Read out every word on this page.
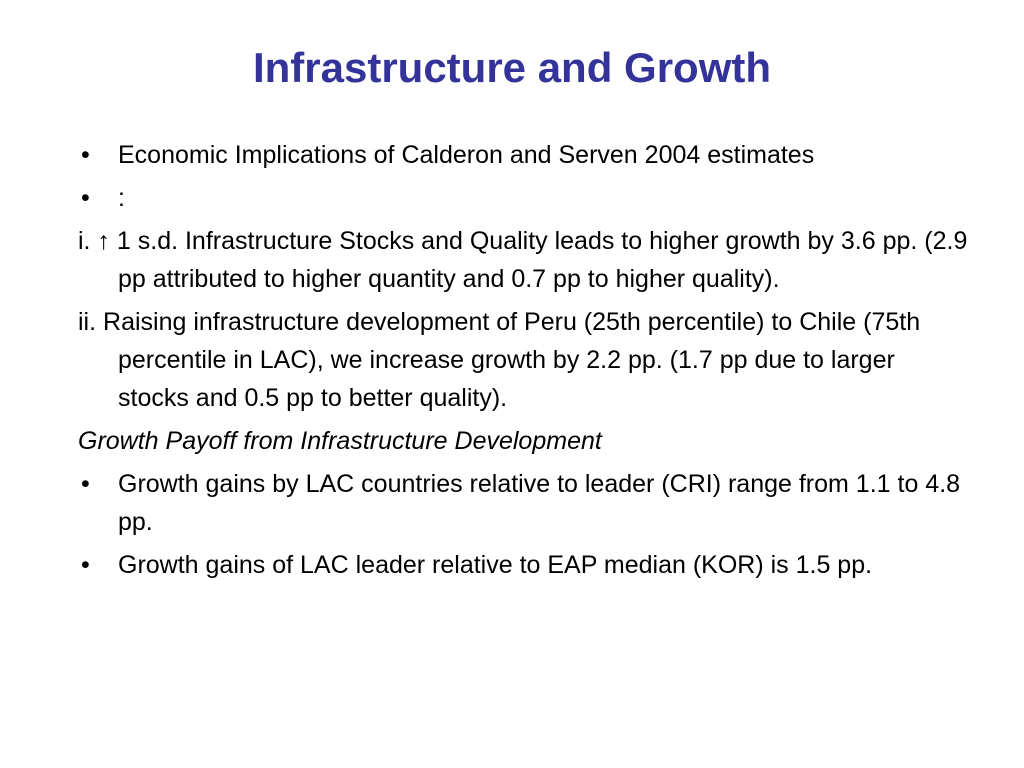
Infrastructure and Growth
• Economic Implications of Calderon and Serven 2004 estimates
• :
i. ↑ 1 s.d. Infrastructure Stocks and Quality leads to higher growth by 3.6 pp. (2.9 pp attributed to higher quantity and 0.7 pp to higher quality).
ii. Raising infrastructure development of Peru (25th percentile) to Chile (75th percentile in LAC), we increase growth by 2.2 pp. (1.7 pp due to larger stocks and 0.5 pp to better quality).
Growth Payoff from Infrastructure Development
• Growth gains by LAC countries relative to leader (CRI) range from 1.1 to 4.8 pp.
• Growth gains of LAC leader relative to EAP median (KOR) is 1.5 pp.
